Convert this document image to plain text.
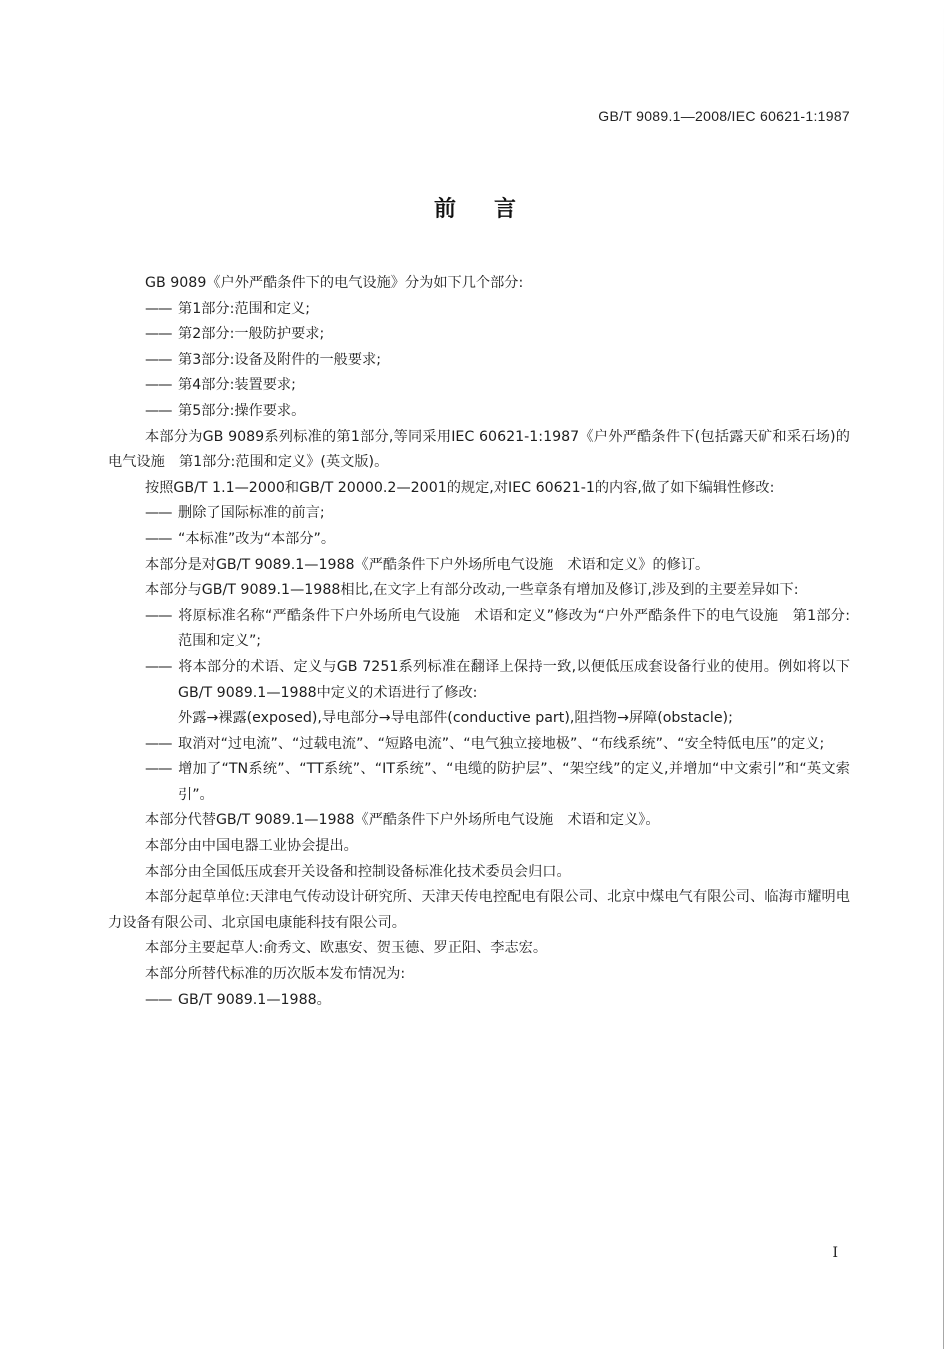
GB/T 9089.1—2008/IEC 60621-1:1987
前言

GB 9089《户外严酷条件下的电气设施》分为如下几个部分:

—— 第1部分:范围和定义;

—— 第2部分:一般防护要求;

—— 第3部分:设备及附件的一般要求;

—— 第4部分:装置要求;

—— 第5部分:操作要求。

本部分为GB 9089系列标准的第1部分,等同采用IEC 60621-1:1987《户外严酷条件下(包括露天矿和采石场)的电气设施　第1部分:范围和定义》(英文版)。

按照GB/T 1.1—2000和GB/T 20000.2—2001的规定,对IEC 60621-1的内容,做了如下编辑性修改:

—— 删除了国际标准的前言;

—— “本标准”改为“本部分”。

本部分是对GB/T 9089.1—1988《严酷条件下户外场所电气设施　术语和定义》的修订。

本部分与GB/T 9089.1—1988相比,在文字上有部分改动,一些章条有增加及修订,涉及到的主要差异如下:

—— 将原标准名称“严酷条件下户外场所电气设施　术语和定义”修改为“户外严酷条件下的电气设施　第1部分:范围和定义”;

—— 将本部分的术语、定义与GB 7251系列标准在翻译上保持一致,以便低压成套设备行业的使用。例如将以下GB/T 9089.1—1988中定义的术语进行了修改:

外露→裸露(exposed),导电部分→导电部件(conductive part),阻挡物→屏障(obstacle);

—— 取消对“过电流”、“过载电流”、“短路电流”、“电气独立接地极”、“布线系统”、“安全特低电压”的定义;

—— 增加了“TN系统”、“TT系统”、“IT系统”、“电缆的防护层”、“架空线”的定义,并增加“中文索引”和“英文索引”。

本部分代替GB/T 9089.1—1988《严酷条件下户外场所电气设施　术语和定义》。

本部分由中国电器工业协会提出。

本部分由全国低压成套开关设备和控制设备标准化技术委员会归口。

本部分起草单位:天津电气传动设计研究所、天津天传电控配电有限公司、北京中煤电气有限公司、临海市耀明电力设备有限公司、北京国电康能科技有限公司。

本部分主要起草人:俞秀文、欧惠安、贺玉德、罗正阳、李志宏。

本部分所替代标准的历次版本发布情况为:

—— GB/T 9089.1—1988。

I
